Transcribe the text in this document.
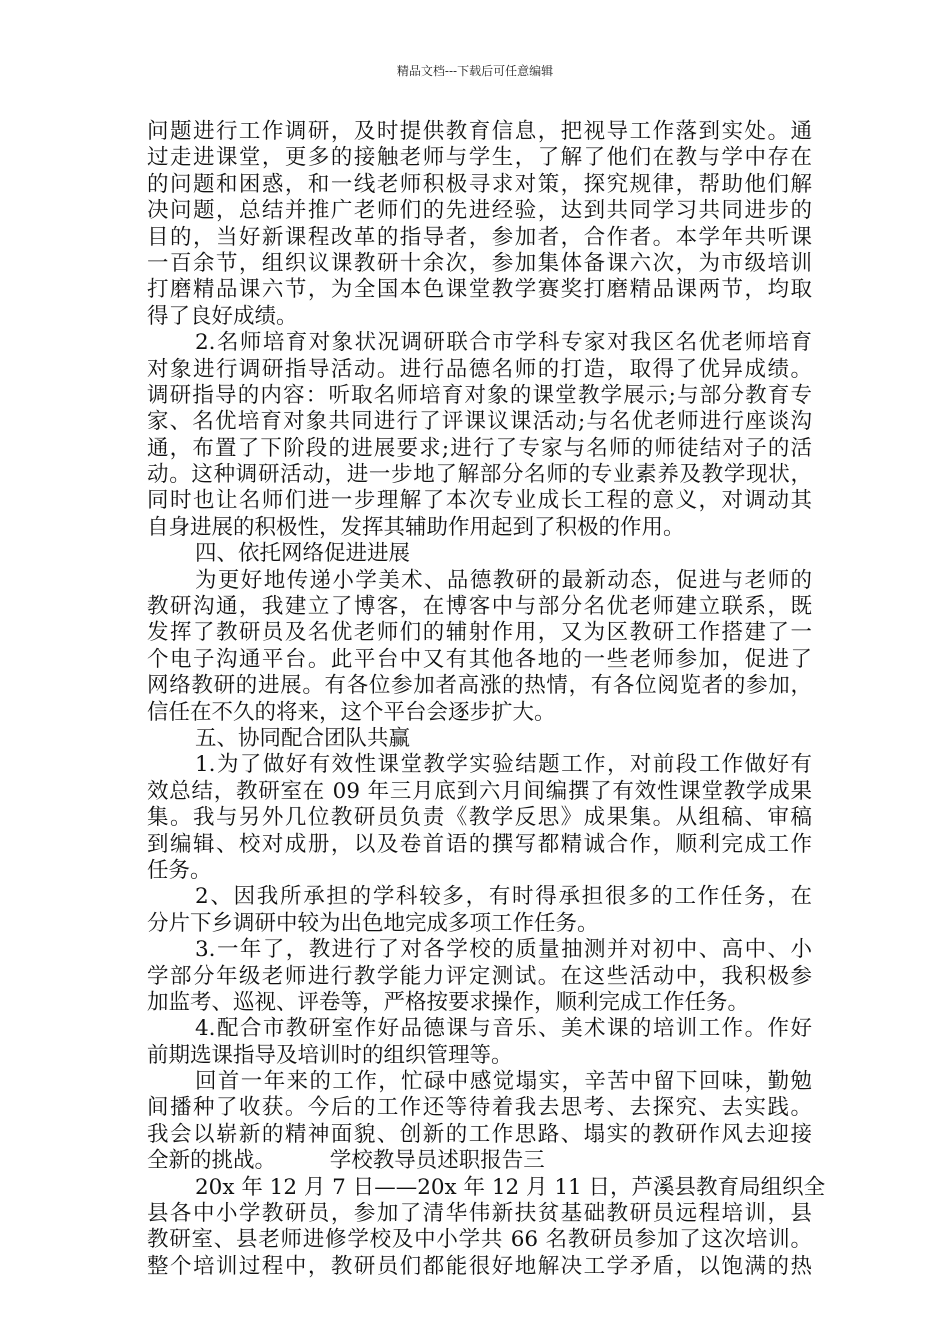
精品文档---下载后可任意编辑
问题进行工作调研，及时提供教育信息，把视导工作落到实处。通
过走进课堂，更多的接触老师与学生，了解了他们在教与学中存在
的问题和困惑，和一线老师积极寻求对策，探究规律，帮助他们解
决问题，总结并推广老师们的先进经验，达到共同学习共同进步的
目的，当好新课程改革的指导者，参加者，合作者。本学年共听课
一百余节，组织议课教研十余次，参加集体备课六次，为市级培训
打磨精品课六节，为全国本色课堂教学赛奖打磨精品课两节，均取
得了良好成绩。
2.名师培育对象状况调研联合市学科专家对我区名优老师培育
对象进行调研指导活动。进行品德名师的打造，取得了优异成绩。
调研指导的内容：听取名师培育对象的课堂教学展示;与部分教育专
家、名优培育对象共同进行了评课议课活动;与名优老师进行座谈沟
通，布置了下阶段的进展要求;进行了专家与名师的师徒结对子的活
动。这种调研活动，进一步地了解部分名师的专业素养及教学现状，
同时也让名师们进一步理解了本次专业成长工程的意义，对调动其
自身进展的积极性，发挥其辅助作用起到了积极的作用。
四、依托网络促进进展
为更好地传递小学美术、品德教研的最新动态，促进与老师的
教研沟通，我建立了博客，在博客中与部分名优老师建立联系，既
发挥了教研员及名优老师们的辅射作用，又为区教研工作搭建了一
个电子沟通平台。此平台中又有其他各地的一些老师参加，促进了
网络教研的进展。有各位参加者高涨的热情，有各位阅览者的参加，
信任在不久的将来，这个平台会逐步扩大。
五、协同配合团队共赢
1.为了做好有效性课堂教学实验结题工作，对前段工作做好有
效总结，教研室在 09 年三月底到六月间编撰了有效性课堂教学成果
集。我与另外几位教研员负责《教学反思》成果集。从组稿、审稿
到编辑、校对成册，以及卷首语的撰写都精诚合作，顺利完成工作
任务。
2、因我所承担的学科较多，有时得承担很多的工作任务，在
分片下乡调研中较为出色地完成多项工作任务。
3.一年了，教进行了对各学校的质量抽测并对初中、高中、小
学部分年级老师进行教学能力评定测试。在这些活动中，我积极参
加监考、巡视、评卷等，严格按要求操作，顺利完成工作任务。
4.配合市教研室作好品德课与音乐、美术课的培训工作。作好
前期选课指导及培训时的组织管理等。
回首一年来的工作，忙碌中感觉塌实，辛苦中留下回味，勤勉
间播种了收获。今后的工作还等待着我去思考、去探究、去实践。
我会以崭新的精神面貌、创新的工作思路、塌实的教研作风去迎接
全新的挑战。　　　学校教导员述职报告三
20x 年 12 月 7 日——20x 年 12 月 11 日，芦溪县教育局组织全
县各中小学教研员，参加了清华伟新扶贫基础教研员远程培训，县
教研室、县老师进修学校及中小学共 66 名教研员参加了这次培训。
整个培训过程中，教研员们都能很好地解决工学矛盾，以饱满的热
